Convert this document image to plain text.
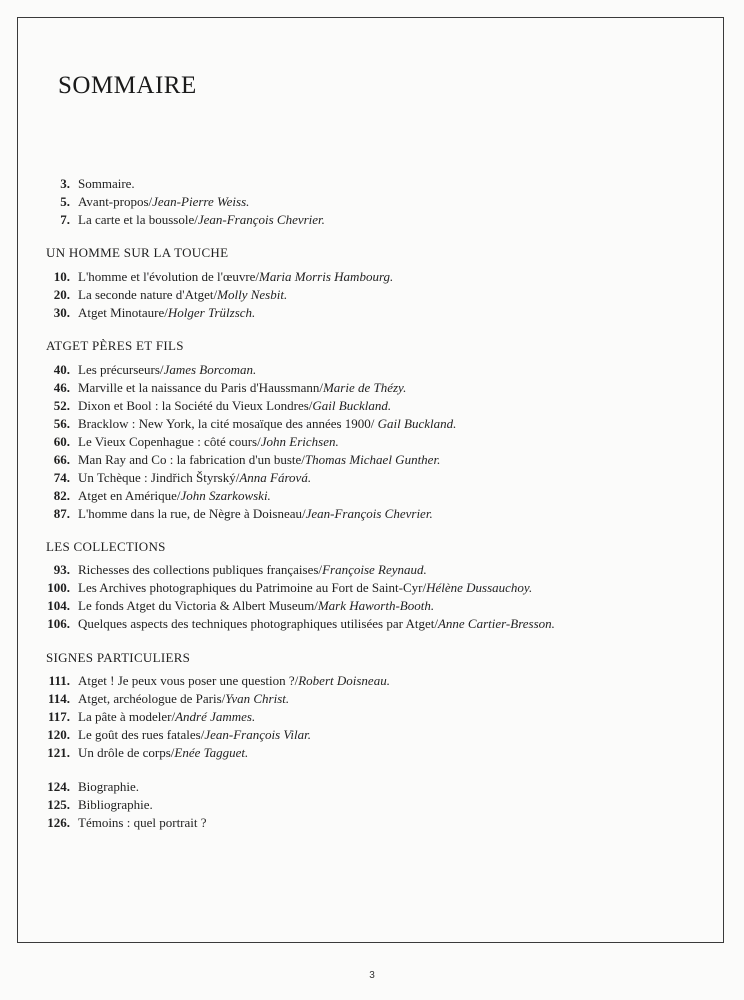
SOMMAIRE
3. Sommaire.
5. Avant-propos/Jean-Pierre Weiss.
7. La carte et la boussole/Jean-François Chevrier.
UN HOMME SUR LA TOUCHE
10. L'homme et l'évolution de l'œuvre/Maria Morris Hambourg.
20. La seconde nature d'Atget/Molly Nesbit.
30. Atget Minotaure/Holger Trülzsch.
ATGET PÈRES ET FILS
40. Les précurseurs/James Borcoman.
46. Marville et la naissance du Paris d'Haussmann/Marie de Thézy.
52. Dixon et Bool : la Société du Vieux Londres/Gail Buckland.
56. Bracklow : New York, la cité mosaïque des années 1900/ Gail Buckland.
60. Le Vieux Copenhague : côté cours/John Erichsen.
66. Man Ray and Co : la fabrication d'un buste/Thomas Michael Gunther.
74. Un Tchèque : Jindřich Štyrský/Anna Fárová.
82. Atget en Amérique/John Szarkowski.
87. L'homme dans la rue, de Nègre à Doisneau/Jean-François Chevrier.
LES COLLECTIONS
93. Richesses des collections publiques françaises/Françoise Reynaud.
100. Les Archives photographiques du Patrimoine au Fort de Saint-Cyr/Hélène Dussauchoy.
104. Le fonds Atget du Victoria & Albert Museum/Mark Haworth-Booth.
106. Quelques aspects des techniques photographiques utilisées par Atget/Anne Cartier-Bresson.
SIGNES PARTICULIERS
111. Atget ! Je peux vous poser une question ?/Robert Doisneau.
114. Atget, archéologue de Paris/Yvan Christ.
117. La pâte à modeler/André Jammes.
120. Le goût des rues fatales/Jean-François Vilar.
121. Un drôle de corps/Enée Tagguet.
124. Biographie.
125. Bibliographie.
126. Témoins : quel portrait ?
3
